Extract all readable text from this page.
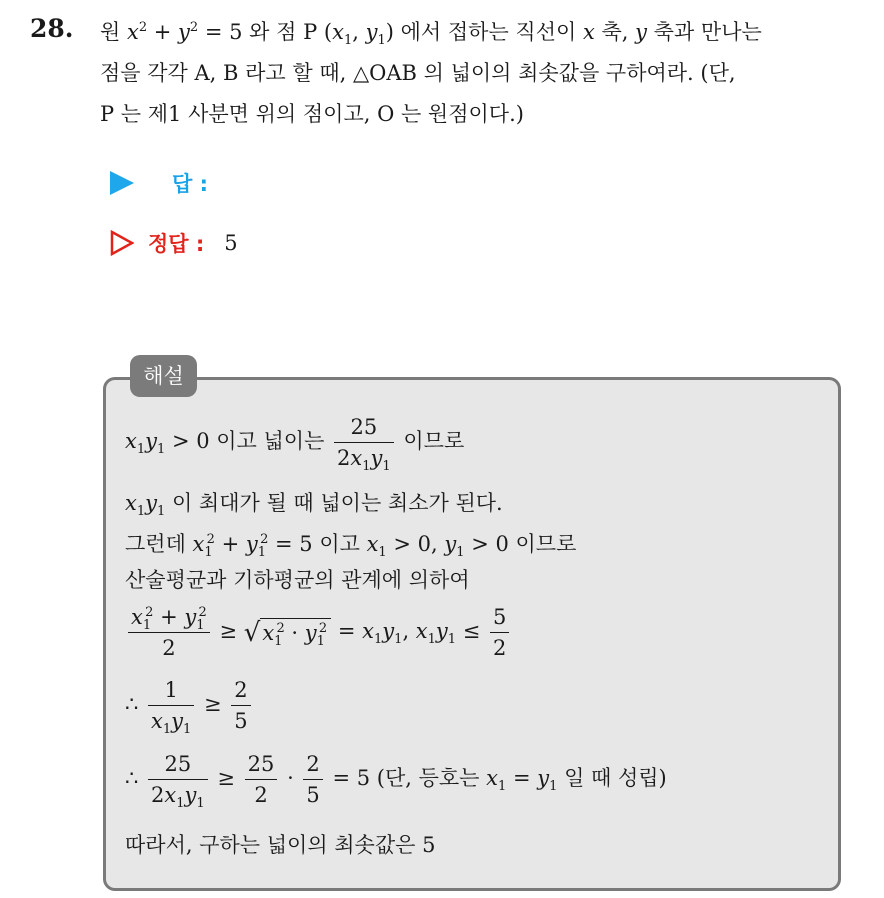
28. 원 $x^2 + y^2 = 5$ 와 점 P ($x_1$, $y_1$) 에서 접하는 직선이 x 축, y 축과 만나는
점을 각각 A, B 라고 할 때, △OAB 의 넓이의 최솟값을 구하여라. (단,
P 는 제1 사분면 위의 점이고, O 는 원점이다.)
답 :
정답 : 5
해설
$x_1y_1 > 0$ 이고 넓이는 $\frac{25}{2x_1y_1}$ 이므로
$x_1y_1$ 이 최대가 될 때 넓이는 최소가 된다.
그런데 $x_1^2 + y_1^2 = 5$ 이고 $x_1 > 0$, $y_1 > 0$ 이므로
산술평균과 기하평균의 관계에 의하여
$\frac{x_1^2 + y_1^2}{2}$ ≥ √ $x_1^2 \cdot y_1^2 = x_1y_1$, $x_1y_1 \le \frac{5}{2}$
∴ $\frac{1}{x_1y_1} \ge \frac{2}{5}$
∴ $\frac{25}{2x_1y_1} \ge \frac{25}{2} \cdot \frac{2}{5} = 5$ (단, 등호는 $x_1 = y_1$ 일 때 성립)
따라서, 구하는 넓이의 최솟값은 5
